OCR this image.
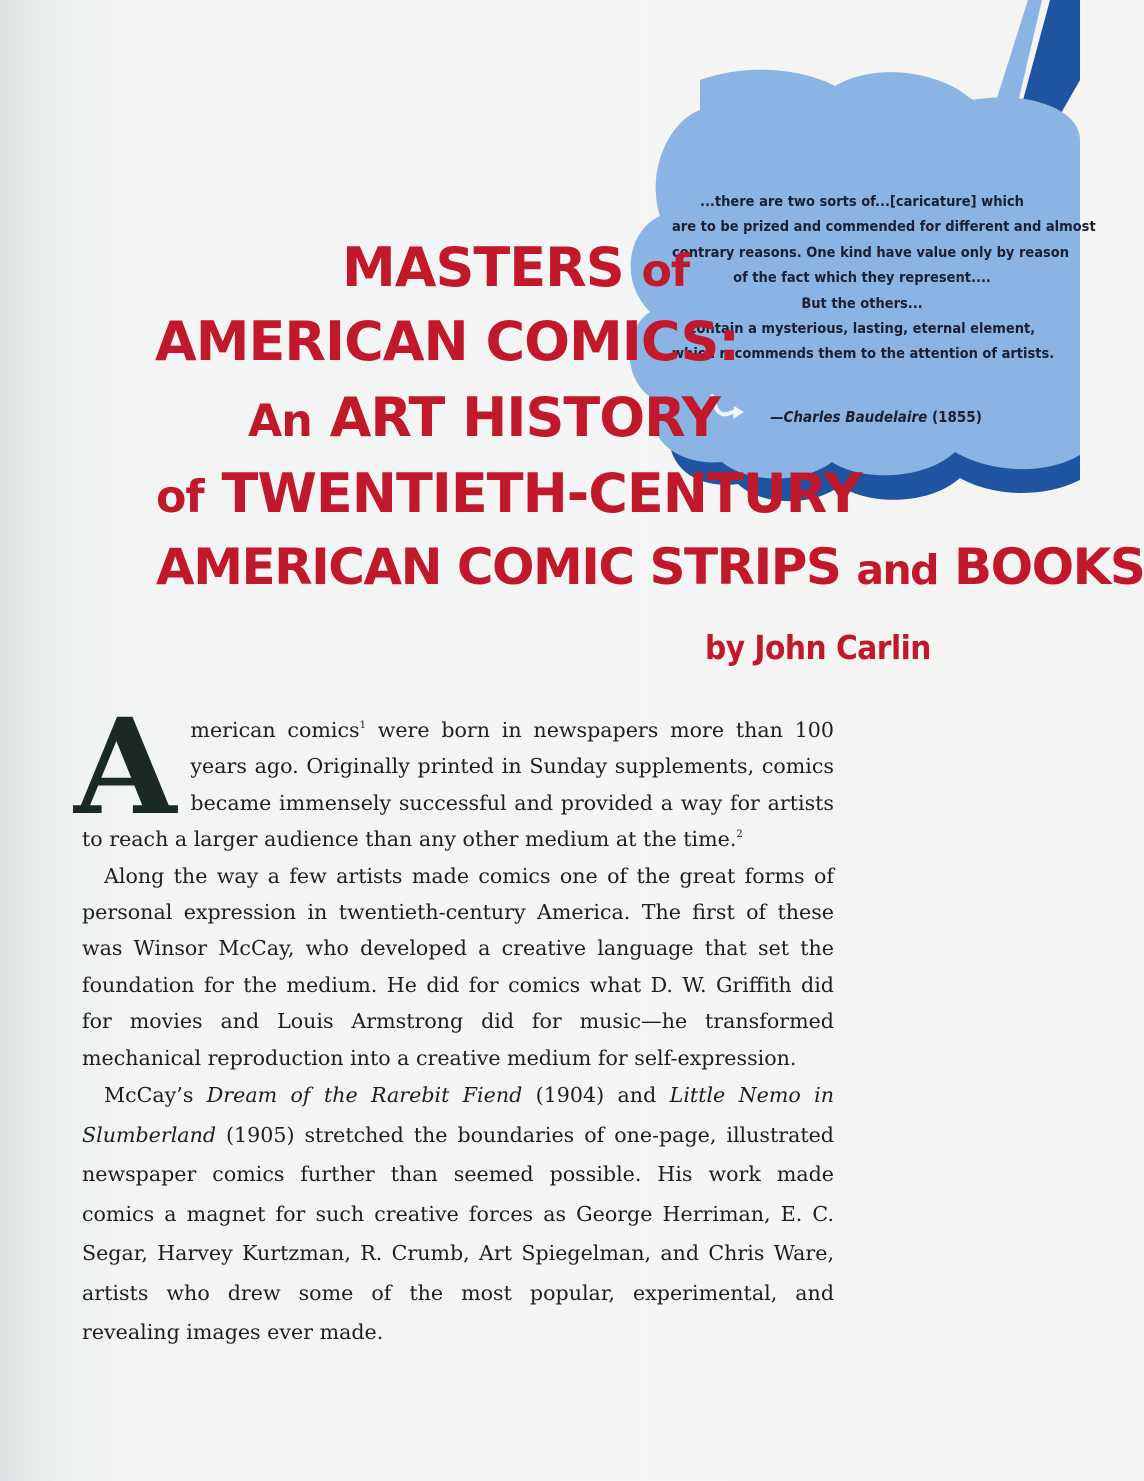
...there are two sorts of...[caricature] which
are to be prized and commended for different and almost
contrary reasons. One kind have value only by reason
of the fact which they represent....
But the others...
contain a mysterious, lasting, eternal element,
which recommends them to the attention of artists.
—Charles Baudelaire (1855)
MASTERS of
AMERICAN COMICS:
An ART HISTORY
of TWENTIETH-CENTURY
AMERICAN COMIC STRIPS and BOOKS
by John Carlin

American comics$^1$ were born in newspapers more than 100 years ago. Originally printed in Sunday supplements, comics became immensely successful and provided a way for artists to reach a larger audience than any other medium at the time.$^2$

Along the way a few artists made comics one of the great forms of personal expression in twentieth-century America. The first of these was Winsor McCay, who developed a creative language that set the foundation for the medium. He did for comics what D. W. Griffith did for movies and Louis Armstrong did for music—he transformed mechanical reproduction into a creative medium for self-expression.

McCay’s Dream of the Rarebit Fiend (1904) and Little Nemo in Slumberland (1905) stretched the boundaries of one-page, illustrated newspaper comics further than seemed possible. His work made comics a magnet for such creative forces as George Herriman, E. C. Segar, Harvey Kurtzman, R. Crumb, Art Spiegelman, and Chris Ware, artists who drew some of the most popular, experimental, and revealing images ever made.
